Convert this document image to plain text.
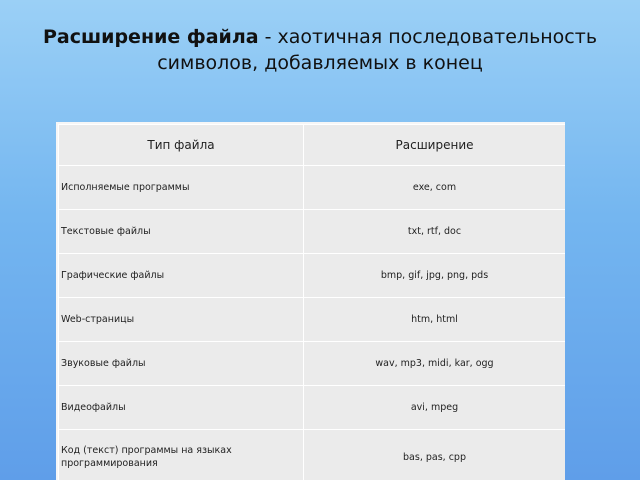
Расширение файла - хаотичная последовательность символов, добавляемых в конец
Тип файла	Расширение
Исполняемые программы	exe, com
Текстовые файлы	txt, rtf, doc
Графические файлы	bmp, gif, jpg, png, pds
Web-страницы	htm, html
Звуковые файлы	wav, mp3, midi, kar, ogg
Видеофайлы	avi, mpeg
Код (текст) программы на языках программирования	bas, pas, cpp
